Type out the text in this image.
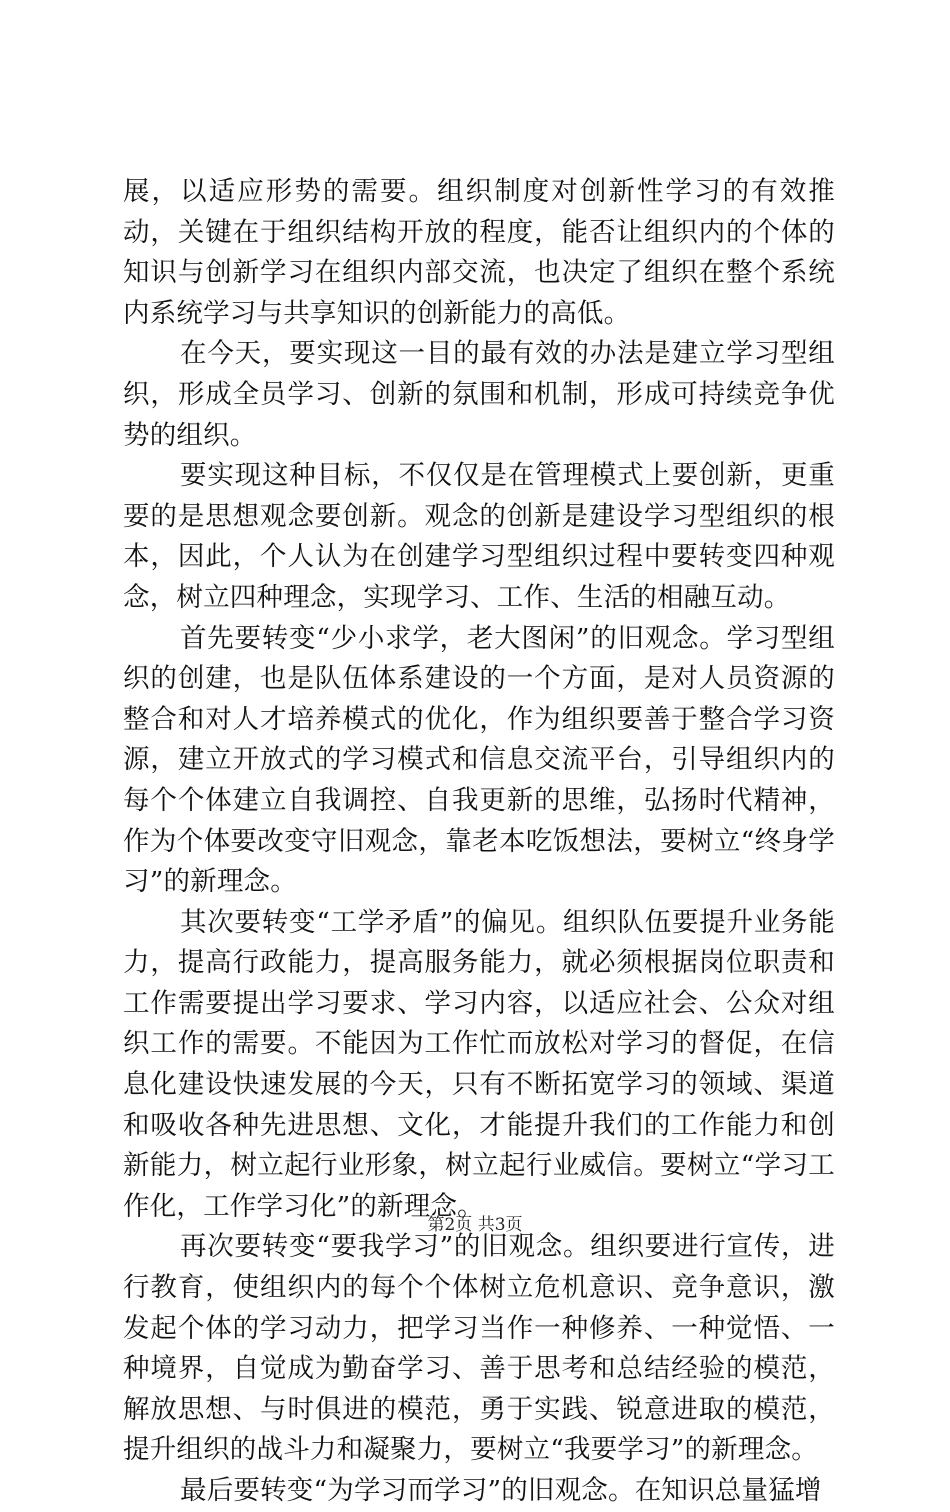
展，以适应形势的需要。组织制度对创新性学习的有效推动，关键在于组织结构开放的程度，能否让组织内的个体的知识与创新学习在组织内部交流，也决定了组织在整个系统内系统学习与共享知识的创新能力的高低。

在今天，要实现这一目的最有效的办法是建立学习型组织，形成全员学习、创新的氛围和机制，形成可持续竞争优势的组织。

要实现这种目标，不仅仅是在管理模式上要创新，更重要的是思想观念要创新。观念的创新是建设学习型组织的根本，因此，个人认为在创建学习型组织过程中要转变四种观念，树立四种理念，实现学习、工作、生活的相融互动。

首先要转变“少小求学，老大图闲”的旧观念。学习型组织的创建，也是队伍体系建设的一个方面，是对人员资源的整合和对人才培养模式的优化，作为组织要善于整合学习资源，建立开放式的学习模式和信息交流平台，引导组织内的每个个体建立自我调控、自我更新的思维，弘扬时代精神，作为个体要改变守旧观念，靠老本吃饭想法，要树立“终身学习”的新理念。

其次要转变“工学矛盾”的偏见。组织队伍要提升业务能力，提高行政能力，提高服务能力，就必须根据岗位职责和工作需要提出学习要求、学习内容，以适应社会、公众对组织工作的需要。不能因为工作忙而放松对学习的督促，在信息化建设快速发展的今天，只有不断拓宽学习的领域、渠道和吸收各种先进思想、文化，才能提升我们的工作能力和创新能力，树立起行业形象，树立起行业威信。要树立“学习工作化，工作学习化”的新理念。

再次要转变“要我学习”的旧观念。组织要进行宣传，进行教育，使组织内的每个个体树立危机意识、竞争意识，激发起个体的学习动力，把学习当作一种修养、一种觉悟、一种境界，自觉成为勤奋学习、善于思考和总结经验的模范，解放思想、与时俱进的模范，勇于实践、锐意进取的模范，提升组织的战斗力和凝聚力，要树立“我要学习”的新理念。

最后要转变“为学习而学习”的旧观念。在知识总量猛增

第2页 共3页
